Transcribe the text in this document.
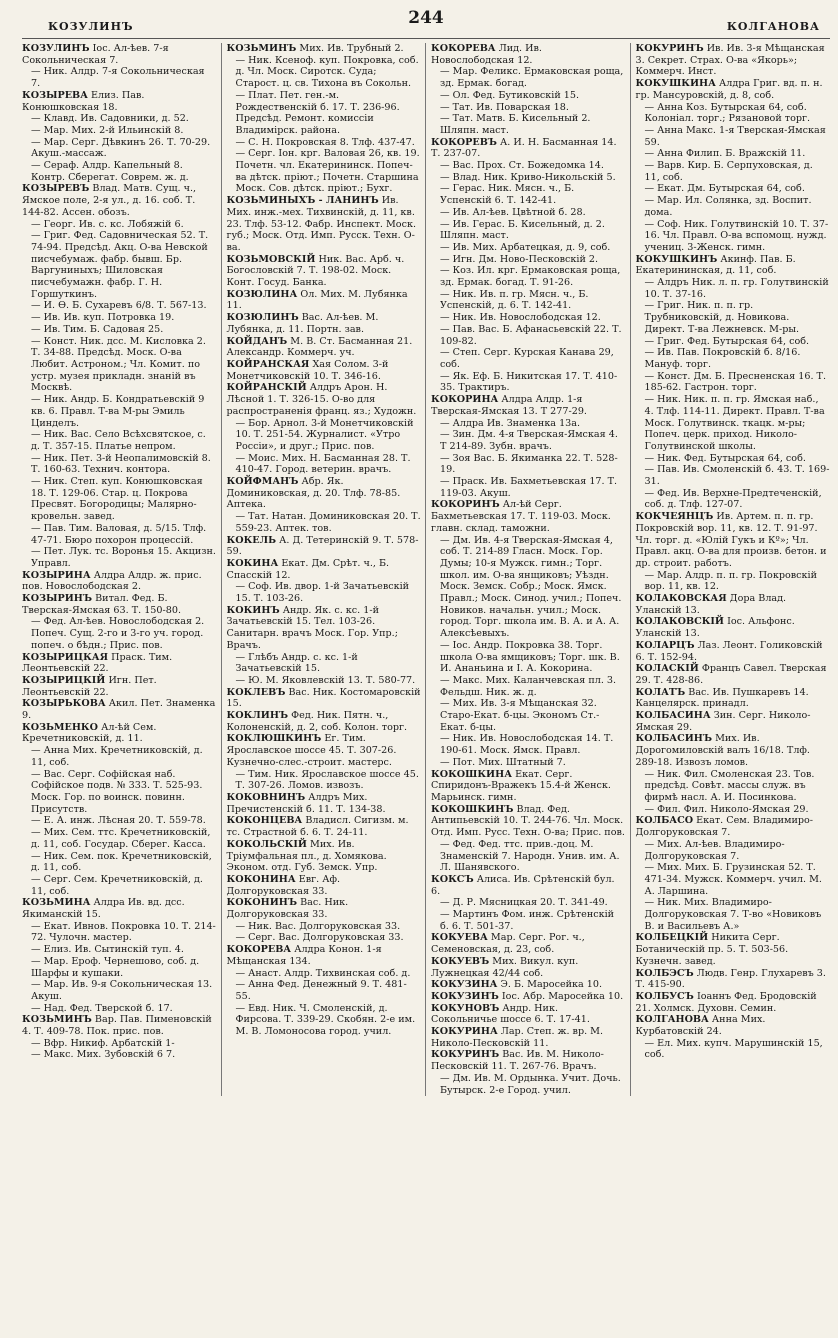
КОЗУЛИНЪ	244	КОЛГАНОВА

КОЗУЛИНЪ Іос. Ал-ѣев. 7-я Сокольническая 7.

— Ник. Алдр. 7-я Сокольническая 7.

КОЗЫРЕВА Елиз. Пав. Конюшковская 18.

— Клавд. Ив. Садовники, д. 52.

— Мар. Мих. 2-й Ильинскій 8.

— Мар. Серг. Дѣвкинъ 26. Т. 70-29. Акуш.-массаж.

— Сераф. Алдр. Капельный 8. Контр. Сберегат. Соврем. ж. д.

КОЗЫРЕВЪ Влад. Матв. Сущ. ч., Ямское поле, 2-я ул., д. 16. соб. Т. 144-82. Ассен. обозъ.

— Георг. Ив. с. кс. Лобяжій 6.

— Григ. Фед. Садовническая 52. Т. 74-94. Предсѣд. Акц. О-ва Невской писчебумаж. фабр. бывш. Бр. Варгуниныхъ; Шиловская писчебумажн. фабр. Г. Н. Горшуткинъ.

— И. Ѳ. Б. Сухаревъ 6/8. Т. 567-13.

— Ив. Ив. куп. Потровка 19.

— Ив. Тим. Б. Садовая 25.

— Конст. Ник. дсс. М. Кисловка 2. Т. 34-88. Предсѣд. Моск. О-ва Любит. Астроном.; Чл. Комит. по устр. музея прикладн. знаній въ Москвѣ.

— Ник. Андр. Б. Кондратьевскій 9 кв. 6. Правл. Т-ва М-ры Эмиль Цинделъ.

— Ник. Вас. Село Всѣхсвятское, с. д. Т. 357-15. Платье непром.

— Ник. Пет. 3-й Неопалимовскій 8. Т. 160-63. Технич. контора.

— Ник. Степ. куп. Конюшковская 18. Т. 129-06. Стар. ц. Покрова Пресвят. Богородицы; Малярно-кровельн. завед.

— Пав. Тим. Валовая, д. 5/15. Тлф. 47-71. Бюро похорон процессій.

— Пет. Лук. тс. Воронья 15. Акцизн. Управл.

КОЗЫРИНА Алдра Алдр. ж. прис. пов. Новослободская 2.

КОЗЫРИНЪ Витал. Фед. Б. Тверская-Ямская 63. Т. 150-80.

— Фед. Ал-ѣев. Новослободская 2. Попеч. Сущ. 2-го и 3-го уч. город. попеч. о бѣдн.; Прис. пов.

КОЗЫРИЦКАЯ Праск. Тим. Леонтьевскій 22.

КОЗЫРИЦКІЙ Игн. Пет. Леонтьевскій 22.

КОЗЫРЬКОВА Акил. Пет. Знаменка 9.

КОЗЬМЕНКО Ал-ѣй Сем. Кречетниковскій, д. 11.

— Анна Мих. Кречетниковскій, д. 11, соб.

— Вас. Серг. Софійская наб. Софійское подв. № 333. Т. 525-93. Моск. Гор. по воинск. повинн. Присутств.

— Е. А. инж. Лѣсная 20. Т. 559-78.

— Мих. Сем. ттс. Кречетниковскій, д. 11, соб. Государ. Сберег. Касса.

— Ник. Сем. пок. Кречетниковскій, д. 11, соб.

— Серг. Сем. Кречетниковскій, д. 11, соб.

КОЗЬМИНА Алдра Ив. вд. дсс. Якиманскій 15.

— Екат. Ивнов. Покровка 10. Т. 214-72. Чулочн. мастер.

— Елиз. Ив. Сытинскій туп. 4.

— Мар. Ероф. Чернешово, соб. д. Шарфы и кушаки.

— Мар. Ив. 9-я Сокольническая 13. Акуш.

— Над. Фед. Тверской б. 17.

КОЗЬМИНЪ Вар. Пав. Пименовскій 4. Т. 409-78. Пок. прис. пов.

— Вфр. Никиф. Арбатскій 1-

— Макс. Мих. Зубовскій 6 7.

КОЗЬМИНЪ Мих. Ив. Трубный 2.

— Ник. Ксеноф. куп. Покровка, соб. д. Чл. Моск. Сиротск. Суда; Старост. ц. св. Тихона въ Сокольн.

— Плат. Пет. ген.-м. Рождественскій б. 17. Т. 236-96. Предсѣд. Ремонт. комиссіи Владимірск. района.

— С. Н. Покровская 8. Тлф. 437-47.

— Серг. Іон. крг. Валовая 26, кв. 19. Почетн. чл. Екатерининск. Попеч-ва дѣтск. пріют.; Почетн. Старшина Моск. Сов. дѣтск. пріют.; Бухг.

КОЗЬМИНЫХЪ - ЛАНИНЪ Ив. Мих. инж.-мех. Тихвинскій, д. 11, кв. 23. Тлф. 53-12. Фабр. Инспект. Моск. губ.; Моск. Отд. Имп. Русск. Техн. О-ва.

КОЗЬМОВСКІЙ Ник. Вас. Арб. ч. Богословскій 7. Т. 198-02. Моск. Конт. Госуд. Банка.

КОЗЮЛИНА Ол. Мих. М. Лубянка 11.

КОЗЮЛИНЪ Вас. Ал-ѣев. М. Лубянка, д. 11. Портн. зав.

КОЙДАНЪ М. В. Ст. Басманная 21. Александр. Коммерч. уч.

КОЙРАНСКАЯ Хая Солом. 3-й Монетчиковскій 10. Т. 346-16.

КОЙРАНСКІЙ Алдръ Арон. Н. Лѣсной 1. Т. 326-15. О-во для распространенія франц. яз.; Художн.

— Бор. Арнол. 3-й Монетчиковскій 10. Т. 251-54. Журналист. «Утро Россіи», и друг.; Прис. пов.

— Моис. Мих. Н. Басманная 28. Т. 410-47. Город. ветерин. врачъ.

КОЙФМАНЪ Абр. Як. Доминиковская, д. 20. Тлф. 78-85. Аптека.

— Тат. Натан. Доминиковская 20. Т. 559-23. Аптек. тов.

КОКЕЛЬ А. Д. Тетеринскій 9. Т. 578-59.

КОКИНА Екат. Дм. Срѣт. ч., Б. Спасскій 12.

— Соф. Ив. двор. 1-й Зачатьевскій 15. Т. 103-26.

КОКИНЪ Андр. Як. с. кс. 1-й Зачатьевскій 15. Тел. 103-26. Санитарн. врачъ Моск. Гор. Упр.; Врачъ.

— Глѣбъ Андр. с. кс. 1-й Зачатьевскій 15.

— Ю. М. Яковлевскій 13. Т. 580-77.

КОКЛЕВЪ Вас. Ник. Костомаровскій 15.

КОКЛИНЪ Фед. Ник. Пятн. ч., Колоненскій, д. 2, соб. Колон. торг.

КОКЛЮШКИНЪ Ег. Тим. Ярославское шоссе 45. Т. 307-26. Кузнечно-слес.-строит. мастерс.

— Тим. Ник. Ярославское шоссе 45. Т. 307-26. Ломов. извозъ.

КОКОВНИНЪ Алдръ Мих. Пречистенскій б. 11. Т. 134-38.

КОКОНЦЕВА Владисл. Сигизм. м. тс. Страстной б. 6. Т. 24-11.

КОКОЛЬСКІЙ Мих. Ив. Тріумфальная пл., д. Хомякова. Эконом. отд. Губ. Земск. Упр.

КОКОНИНА Евг. Аф. Долгоруковская 33.

КОКОНИНЪ Вас. Ник. Долгоруковская 33.

— Ник. Вас. Долгоруковская 33.

— Серг. Вас. Долгоруковская 33.

КОКОРЕВА Алдра Конон. 1-я Мѣщанская 134.

— Анаст. Алдр. Тихвинская соб. д.

— Анна Фед. Денежный 9. Т. 481-55.

— Евд. Ник. Ч. Смоленскій, д. Фирсова. Т. 339-29. Скобян. 2-е им. М. В. Ломоносова город. учил.

КОКОРЕВА Лид. Ив. Новослободская 12.

— Мар. Феликс. Ермаковская роща, зд. Ермак. богад.

— Ол. Фед. Бутиковскій 15.

— Тат. Ив. Поварская 18.

— Тат. Матв. Б. Кисельный 2. Шляпн. маст.

КОКОРЕВЪ А. И. Н. Басманная 14. Т. 237-07.

— Вас. Прох. Ст. Божедомка 14.

— Влад. Ник. Криво-Никольскій 5.

— Герас. Ник. Мясн. ч., Б. Успенскій 6. Т. 142-41.

— Ив. Ал-ѣев. Цвѣтной б. 28.

— Ив. Герас. Б. Кисельный, д. 2. Шляпн. маст.

— Ив. Мих. Арбатецкая, д. 9, соб.

— Игн. Дм. Ново-Песковскій 2.

— Коз. Ил. крг. Ермаковская роща, зд. Ермак. богад. Т. 91-26.

— Ник. Ив. п. гр. Мясн. ч., Б. Успенскій, д. 6. Т. 142-41.

— Ник. Ив. Новослободская 12.

— Пав. Вас. Б. Афанасьевскій 22. Т. 109-82.

— Степ. Серг. Курская Канава 29, соб.

— Як. Еф. Б. Никитская 17. Т. 410-35. Трактиръ.

КОКОРИНА Алдра Алдр. 1-я Тверская-Ямская 13. Т 277-29.

— Алдра Ив. Знаменка 13а.

— Зин. Дм. 4-я Тверская-Ямская 4. Т 214-89. Зубн. врачъ.

— Зоя Вас. Б. Якиманка 22. Т. 528-19.

— Праск. Ив. Бахметьевская 17. Т. 119-03. Акуш.

КОКОРИНЪ Ал-ѣй Серг. Бахметьевская 17. Т. 119-03. Моск. главн. склад. таможни.

— Дм. Ив. 4-я Тверская-Ямская 4, соб. Т. 214-89 Гласн. Моск. Гор. Думы; 10-я Мужск. гимн.; Торг. школ. им. О-ва янщиковъ; Уѣздн. Моск. Земск. Собр.; Моск. Ямск. Правл.; Моск. Синод. учил.; Попеч. Новиков. начальн. учил.; Моск. город. Торг. школа им. В. А. и А. А. Алексѣевыхъ.

— Іос. Андр. Покровка 38. Торг. школа О-ва ямщиковъ; Торг. шк. В. И. Ананьина и І. А. Кокорина.

— Макс. Мих. Каланчевская пл. 3. Фельдш. Ник. ж. д.

— Мих. Ив. 3-я Мѣщанская 32. Старо-Екат. б-цы. Экономъ Ст.-Екат. б-цы.

— Ник. Ив. Новослободская 14. Т. 190-61. Моск. Ямск. Правл.

— Пот. Мих. Штатный 7.

КОКОШКИНА Екат. Серг. Спиридонъ-Вражекъ 15.4-й Женск. Марьинск. гимн.

КОКОШКИНЪ Влад. Фед. Антипьевскій 10. Т. 244-76. Чл. Моск. Отд. Имп. Русс. Техн. О-ва; Прис. пов.

— Фед. Фед. ттс. прив.-доц. М. Знаменскій 7. Народн. Унив. им. А. Л. Шанявского.

КОКСЪ Алиса. Ив. Срѣтенскій бул. 6.

— Д. Р. Мясницкая 20. Т. 341-49.

— Мартинъ Фом. инж. Срѣтенскій б. 6. Т. 501-37.

КОКУЕВА Мар. Серг. Рог. ч., Семеновская, д. 23, соб.

КОКУЕВЪ Мих. Викул. куп. Лужнецкая 42/44 соб.

КОКУЗИНА Э. Б. Маросейка 10.

КОКУЗИНЪ Іос. Абр. Маросейка 10.

КОКУНОВЪ Андр. Ник. Сокольничье шоссе 6. Т. 17-41.

КОКУРИНА Лар. Степ. ж. вр. М. Николо-Песковскій 11.

КОКУРИНЪ Вас. Ив. М. Николо-Песковскій 11. Т. 267-76. Врачъ.

— Дм. Ив. М. Ордынка. Учит. Дочь. Бутырск. 2-е Город. учил.

КОКУРИНЪ Ив. Ив. 3-я Мѣщанская 3. Секрет. Страх. О-ва «Якорь»; Коммерч. Инст.

КОКУШКИНА Алдра Григ. вд. п. н. гр. Мансуровскій, д. 8, соб.

— Анна Коз. Бутырская 64, соб. Колоніал. торг.; Рязановой торг.

— Анна Макс. 1-я Тверская-Ямская 59.

— Анна Филип. Б. Вражскій 11.

— Варв. Кир. Б. Серпуховская, д. 11, соб.

— Екат. Дм. Бутырская 64, соб.

— Мар. Ил. Солянка, зд. Воспит. дома.

— Соф. Ник. Голутвинскій 10. Т. 37-16. Чл. Правл. О-ва вспомощ. нужд. учениц. 3-Женск. гимн.

КОКУШКИНЪ Акинф. Пав. Б. Екатерининская, д. 11, соб.

— Алдръ Ник. л. п. гр. Голутвинскій 10. Т. 37-16.

— Григ. Ник. п. п. гр. Трубниковскій, д. Новикова. Директ. Т-ва Лежневск. М-ры.

— Григ. Фед. Бутырская 64, соб.

— Ив. Пав. Покровскій б. 8/16. Мануф. торг.

— Конст. Дм. Б. Пресненская 16. Т. 185-62. Гастрон. торг.

— Ник. Ник. п. п. гр. Ямская наб., 4. Тлф. 114-11. Директ. Правл. Т-ва Моск. Голутвинск. ткацк. м-ры; Попеч. церк. приход. Николо-Голутвинской школы.

— Ник. Фед. Бутырская 64, соб.

— Пав. Ив. Смоленскій б. 43. Т. 169-31.

— Фед. Ив. Верхне-Предтеченскій, соб. д. Тлф. 127-07.

КОКЧЕЯНЦЪ Ив. Артем. п. п. гр. Покровскій вор. 11, кв. 12. Т. 91-97. Чл. торг. д. «Юлій Гукъ и Кº»; Чл. Правл. акц. О-ва для произв. бетон. и др. строит. работъ.

— Мар. Алдр. п. п. гр. Покровскій вор. 11, кв. 12.

КОЛАКОВСКАЯ Дора Влад. Уланскій 13.

КОЛАКОВСКІЙ Іос. Альфонс. Уланскій 13.

КОЛАРЦЪ Лаз. Леонт. Голиковскій 6. Т. 152-94.

КОЛАСКІЙ Францъ Савел. Тверская 29. Т. 428-86.

КОЛАТЪ Вас. Ив. Пушкаревъ 14. Канцелярск. принадл.

КОЛБАСИНА Зин. Серг. Николо-Ямская 29.

КОЛБАСИНЪ Мих. Ив. Дорогомиловскій валъ 16/18. Тлф. 289-18. Извозъ ломов.

— Ник. Фил. Смоленская 23. Тов. предсѣд. Совѣт. массы служ. въ фирмѣ насл. А. И. Посинкова.

— Фил. Фил. Николо-Ямская 29.

КОЛБАСО Екат. Сем. Владимиро-Долгоруковская 7.

— Мих. Ал-ѣев. Владимиро-Долгоруковская 7.

— Мих. Мих. Б. Грузинская 52. Т. 471-34. Мужск. Коммерч. учил. М. А. Ларшина.

— Ник. Мих. Владимиро-Долгоруковская 7. Т-во «Новиковъ В. и Васильевъ А.»

КОЛБЕЦКІЙ Никита Серг. Ботаническій пр. 5. Т. 503-56. Кузнечн. завед.

КОЛБЭСЪ Людв. Генр. Глухаревъ 3. Т. 415-90.

КОЛБУСЪ Іоаннъ Фед. Бродовскій 21. Холмск. Духовн. Семин.

КОЛГАНОВА Анна Мих. Курбатовскій 24.

— Ел. Мих. купч. Марушинскій 15, соб.
